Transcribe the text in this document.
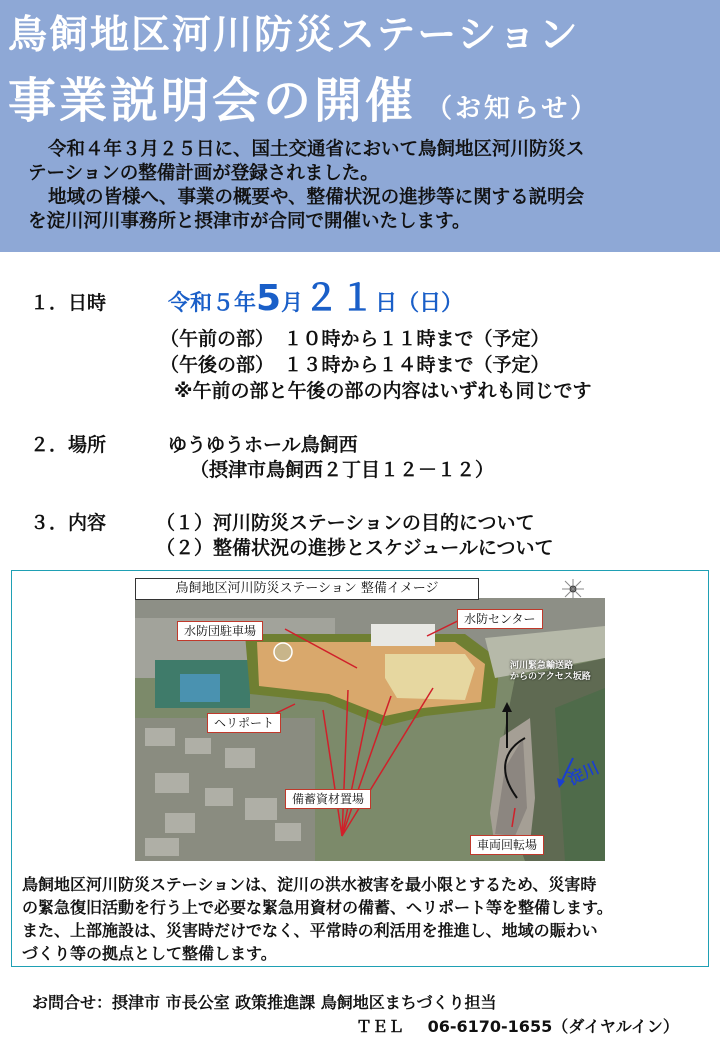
鳥飼地区河川防災ステーション
事業説明会の開催 （お知らせ）

令和４年３月２５日に、国土交通省において鳥飼地区河川防災ス

テーションの整備計画が登録されました。

地域の皆様へ、事業の概要や、整備状況の進捗等に関する説明会

を淀川河川事務所と摂津市が合同で開催いたします。

１．日時	令和５年5月２１日（日）
（午前の部）　１０時から１１時まで（予定）
（午後の部）　１３時から１４時まで（予定）
※午前の部と午後の部の内容はいずれも同じです
２．場所	ゆうゆうホール鳥飼西
（摂津市鳥飼西２丁目１２－１２）
３．内容	（１）河川防災ステーションの目的について
（２）整備状況の進捗とスケジュールについて
鳥飼地区河川防災ステーション 整備イメージ
水防団駐車場
水防センター
ヘリポート
備蓄資材置場
車両回転場
河川緊急輸送路
からのアクセス坂路
淀川

鳥飼地区河川防災ステーションは、淀川の洪水被害を最小限とするため、災害時

の緊急復旧活動を行う上で必要な緊急用資材の備蓄、ヘリポート等を整備します。

また、上部施設は、災害時だけでなく、平常時の利活用を推進し、地域の賑わい

づくり等の拠点として整備します。

お問合せ：摂津市 市長公室 政策推進課 鳥飼地区まちづくり担当
ＴＥＬ 06-6170-1655（ダイヤルイン）
